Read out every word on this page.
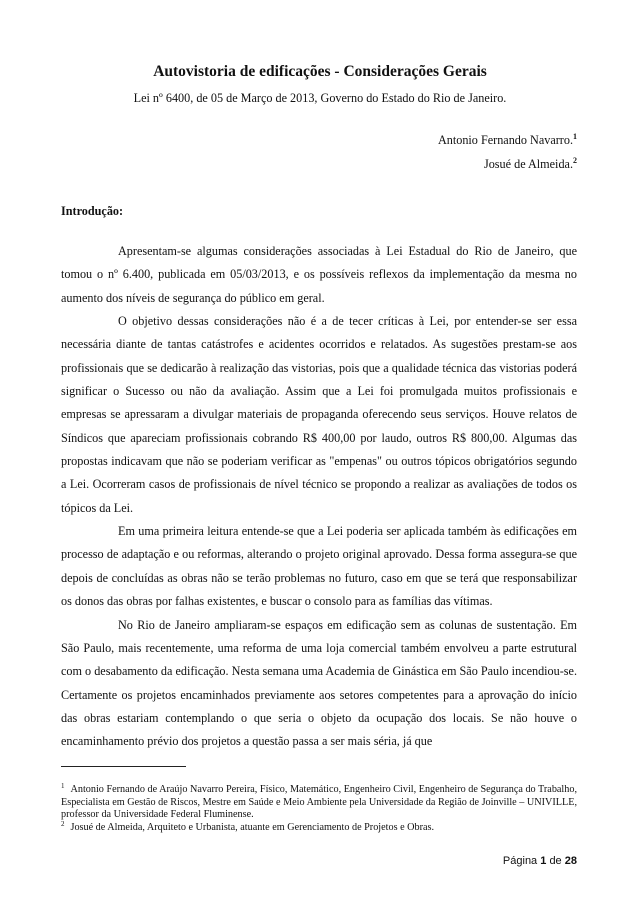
Autovistoria de edificações - Considerações Gerais
Lei nº 6400, de 05 de Março de 2013, Governo do Estado do Rio de Janeiro.
Antonio Fernando Navarro.$^1$
Josué de Almeida.$^2$
Introdução:

Apresentam-se algumas considerações associadas à Lei Estadual do Rio de Janeiro, que tomou o nº 6.400, publicada em 05/03/2013, e os possíveis reflexos da implementação da mesma no aumento dos níveis de segurança do público em geral.

O objetivo dessas considerações não é a de tecer críticas à Lei, por entender-se ser essa necessária diante de tantas catástrofes e acidentes ocorridos e relatados. As sugestões prestam-se aos profissionais que se dedicarão à realização das vistorias, pois que a qualidade técnica das vistorias poderá significar o Sucesso ou não da avaliação. Assim que a Lei foi promulgada muitos profissionais e empresas se apressaram a divulgar materiais de propaganda oferecendo seus serviços. Houve relatos de Síndicos que apareciam profissionais cobrando R$ 400,00 por laudo, outros R$ 800,00. Algumas das propostas indicavam que não se poderiam verificar as "empenas" ou outros tópicos obrigatórios segundo a Lei. Ocorreram casos de profissionais de nível técnico se propondo a realizar as avaliações de todos os tópicos da Lei.

Em uma primeira leitura entende-se que a Lei poderia ser aplicada também às edificações em processo de adaptação e ou reformas, alterando o projeto original aprovado. Dessa forma assegura-se que depois de concluídas as obras não se terão problemas no futuro, caso em que se terá que responsabilizar os donos das obras por falhas existentes, e buscar o consolo para as famílias das vítimas.

No Rio de Janeiro ampliaram-se espaços em edificação sem as colunas de sustentação. Em São Paulo, mais recentemente, uma reforma de uma loja comercial também envolveu a parte estrutural com o desabamento da edificação. Nesta semana uma Academia de Ginástica em São Paulo incendiou-se. Certamente os projetos encaminhados previamente aos setores competentes para a aprovação do início das obras estariam contemplando o que seria o objeto da ocupação dos locais. Se não houve o encaminhamento prévio dos projetos a questão passa a ser mais séria, já que

$^1$ Antonio Fernando de Araújo Navarro Pereira, Físico, Matemático, Engenheiro Civil, Engenheiro de Segurança do Trabalho, Especialista em Gestão de Riscos, Mestre em Saúde e Meio Ambiente pela Universidade da Região de Joinville – UNIVILLE, professor da Universidade Federal Fluminense.

$^2$ Josué de Almeida, Arquiteto e Urbanista, atuante em Gerenciamento de Projetos e Obras.

Página 1 de 28
